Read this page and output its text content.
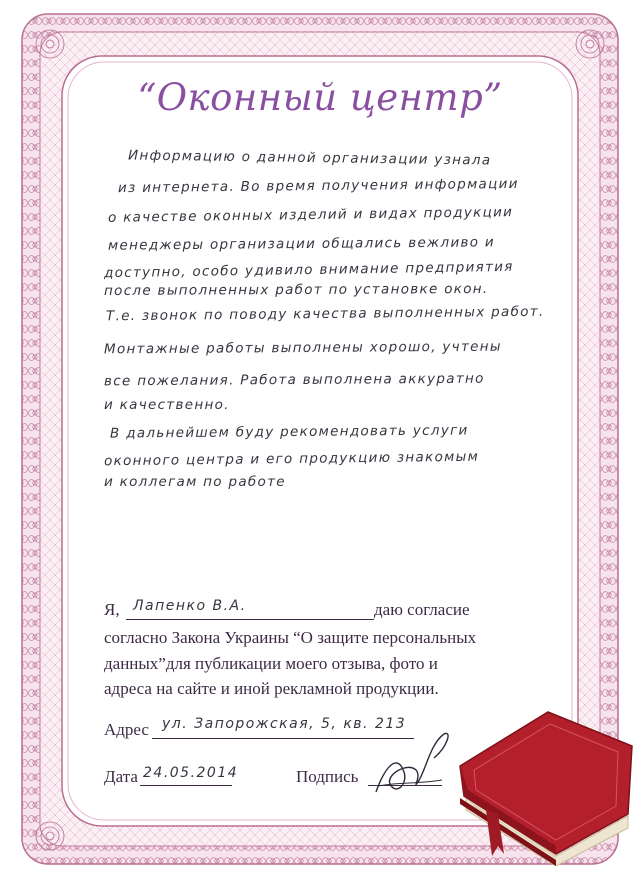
“Оконный центр”
Информацию о данной организации узнала
из интернета. Во время получения информации
о качестве оконных изделий и видах продукции
менеджеры организации общались вежливо и
доступно, особо удивило внимание предприятия
после выполненных работ по установке окон.
Т.е. звонок по поводу качества выполненных работ.
Монтажные работы выполнены хорошо, учтены
все пожелания. Работа выполнена аккуратно
и качественно.
В дальнейшем буду рекомендовать услуги
оконного центра и его продукцию знакомым
и коллегам по работе
Я, Лапенко В.А.	даю согласие
согласно Закона Украины “О защите персональных
данных”для публикации моего отзыва, фото и
адреса на сайте и иной рекламной продукции.
Адрес ул. Запорожская, 5, кв. 213
Дата 24.05.2014	Подпись
